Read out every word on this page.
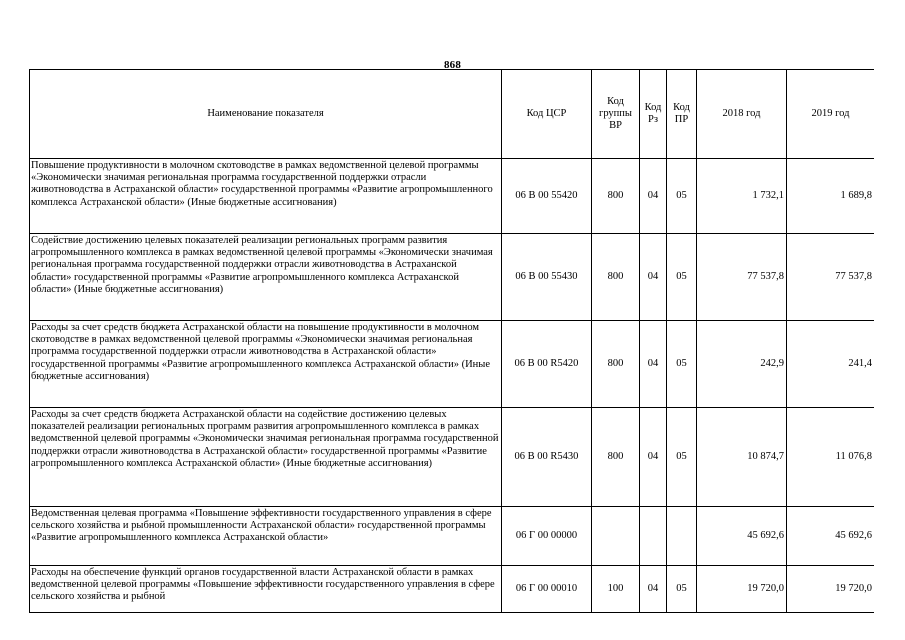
868
Наименование показателя	Код ЦСР	Код
группы
ВР	Код
Рз	Код
ПР	2018 год	2019 год
Повышение продуктивности в молочном скотоводстве в рамках ведомственной целевой программы «Экономически значимая региональная программа государственной поддержки отрасли животноводства в Астраханской области» государственной программы «Развитие агропромышленного комплекса Астраханской области» (Иные бюджетные ассигнования)	06 В 00 55420	800	04	05	1 732,1	1 689,8
Содействие достижению целевых показателей реализации региональных программ развития агропромышленного комплекса в рамках ведомственной целевой программы «Экономически значимая региональная программа государственной поддержки отрасли животноводства в Астраханской области» государственной программы «Развитие агропромышленного комплекса Астраханской области» (Иные бюджетные ассигнования)	06 В 00 55430	800	04	05	77 537,8	77 537,8
Расходы за счет средств бюджета Астраханской области на повышение продуктивности в молочном скотоводстве в рамках ведомственной целевой программы «Экономически значимая региональная программа государственной поддержки отрасли животноводства в Астраханской области» государственной программы «Развитие агропромышленного комплекса Астраханской области» (Иные бюджетные ассигнования)	06 В 00 R5420	800	04	05	242,9	241,4
Расходы за счет средств бюджета Астраханской области на содействие достижению целевых показателей реализации региональных программ развития агропромышленного комплекса в рамках ведомственной целевой программы «Экономически значимая региональная программа государственной поддержки отрасли животноводства в Астраханской области» государственной программы «Развитие агропромышленного комплекса Астраханской области» (Иные бюджетные ассигнования)	06 В 00 R5430	800	04	05	10 874,7	11 076,8
Ведомственная целевая программа «Повышение эффективности государственного управления в сфере сельского хозяйства и рыбной промышленности Астраханской области» государственной программы «Развитие агропромышленного комплекса Астраханской области»	06 Г 00 00000				45 692,6	45 692,6
Расходы на обеспечение функций органов государственной власти Астраханской области в рамках ведомственной целевой программы «Повышение эффективности государственного управления в сфере сельского хозяйства и рыбной	06 Г 00 00010	100	04	05	19 720,0	19 720,0
